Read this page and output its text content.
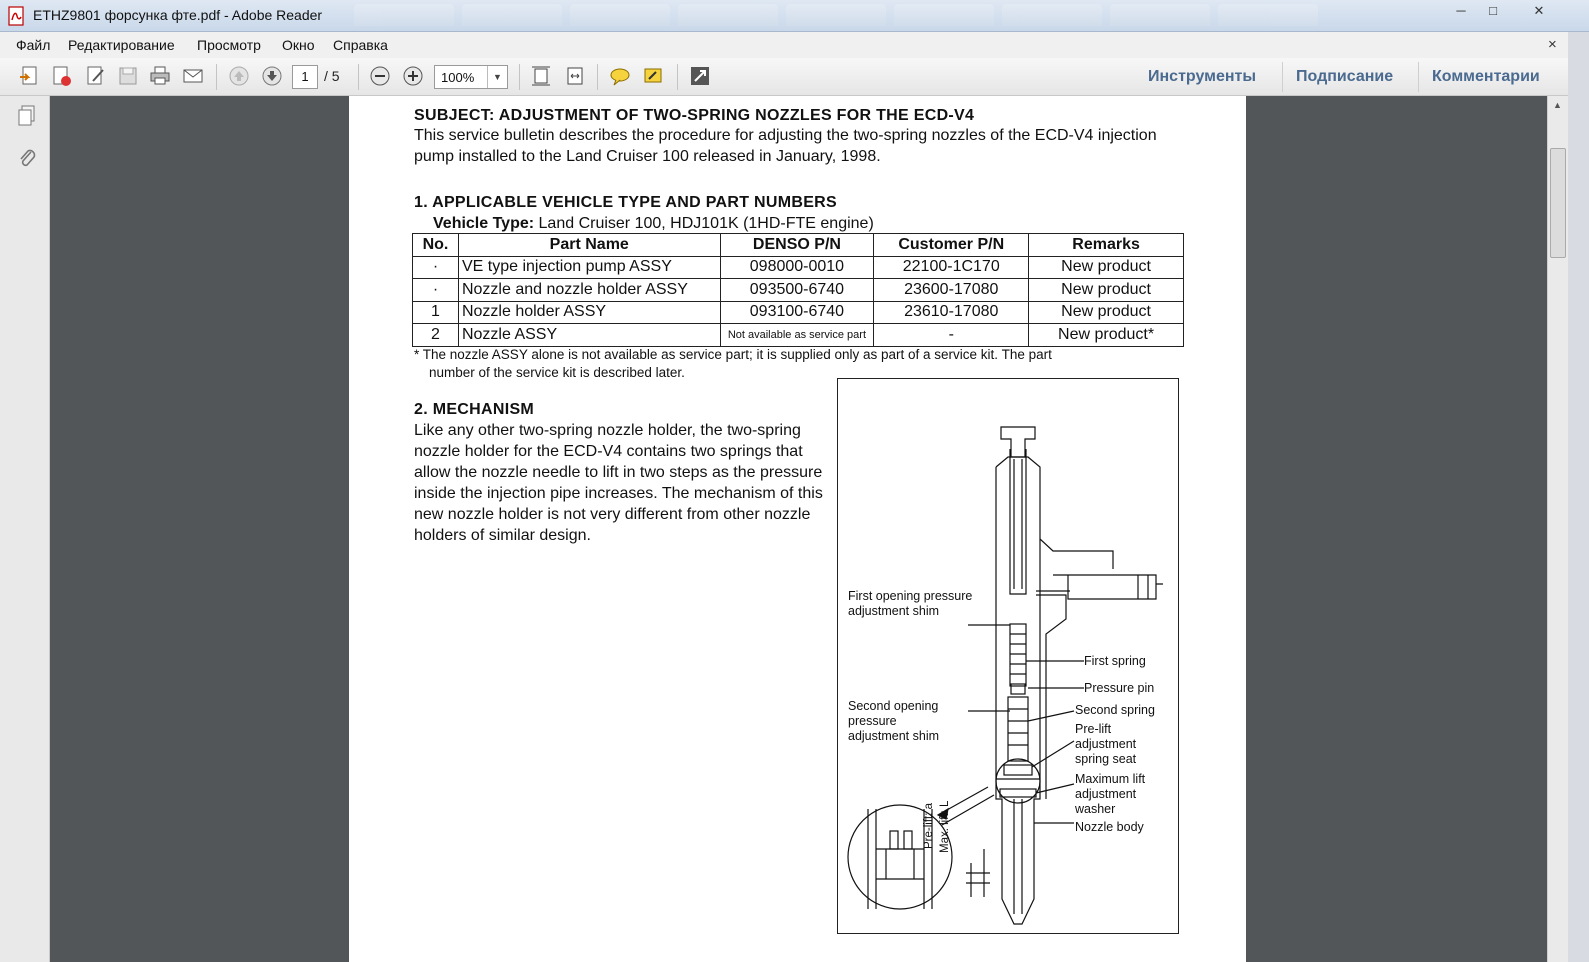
ETHZ9801 форсунка фте.pdf - Adobe Reader	─	□	✕
Файл Редактирование Просмотр Окно Справка	×
1	/ 5	100%	▼	Инструменты Подписание Комментарии
SUBJECT: ADJUSTMENT OF TWO-SPRING NOZZLES FOR THE ECD-V4
This service bulletin describes the procedure for adjusting the two-spring nozzles of the ECD-V4 injection pump installed to the Land Cruiser 100 released in January, 1998.
1. APPLICABLE VEHICLE TYPE AND PART NUMBERS
Vehicle Type: Land Cruiser 100, HDJ101K (1HD-FTE engine)
No.	Part Name	DENSO P/N	Customer P/N	Remarks
·	VE type injection pump ASSY	098000-0010	22100-1C170	New product
·	Nozzle and nozzle holder ASSY	093500-6740	23600-17080	New product
1	Nozzle holder ASSY	093100-6740	23610-17080	New product
2	Nozzle ASSY	Not available as service part	-	New product*
* The nozzle ASSY alone is not available as service part; it is supplied only as part of a service kit. The part
number of the service kit is described later.
2. MECHANISM
Like any other two-spring nozzle holder, the two-spring nozzle holder for the ECD-V4 contains two springs that allow the nozzle needle to lift in two steps as the pressure inside the injection pipe increases. The mechanism of this new nozzle holder is not very different from other nozzle holders of similar design.
First opening pressure adjustment shim
First spring
Pressure pin
Second opening pressure adjustment shim
Second spring
Pre-lift adjustment spring seat
Maximum lift adjustment washer
Nozzle body
Pre-lift: a Max. lift: L
▲
